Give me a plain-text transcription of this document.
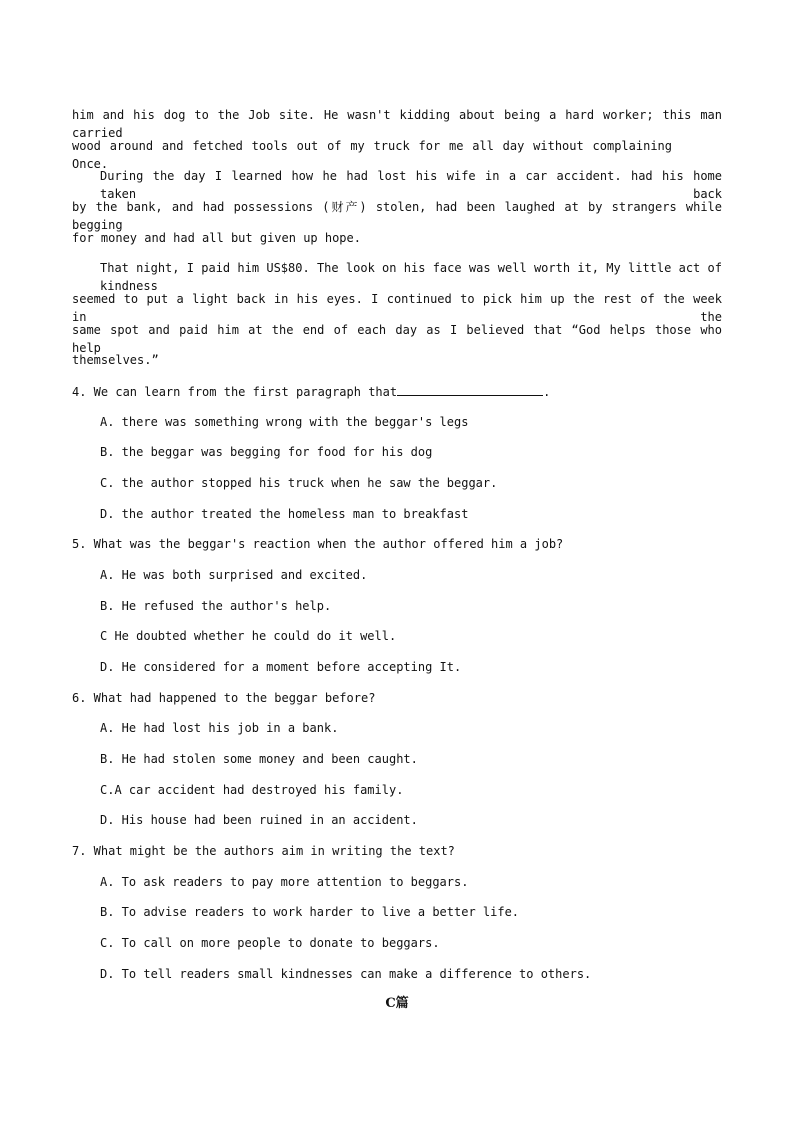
him and his dog to the Job site. He wasn't kidding about being a hard worker; this man carried
wood around and fetched tools out of my truck for me all day without complaining Once.
During the day I learned how he had lost his wife in a car accident. had his home taken back
by the bank, and had possessions (财产) stolen, had been laughed at by strangers while begging
for money and had all but given up hope.
That night, I paid him US$80. The look on his face was well worth it, My little act of kindness
seemed to put a light back in his eyes. I continued to pick him up the rest of the week in the
same spot and paid him at the end of each day as I believed that “God helps those who help
themselves.”
4. We can learn from the first paragraph that	.
A. there was something wrong with the beggar's legs
B. the beggar was begging for food for his dog
C. the author stopped his truck when he saw the beggar.
D. the author treated the homeless man to breakfast
5. What was the beggar's reaction when the author offered him a job?
A. He was both surprised and excited.
B. He refused the author's help.
C He doubted whether he could do it well.
D. He considered for a moment before accepting It.
6. What had happened to the beggar before?
A. He had lost his job in a bank.
B. He had stolen some money and been caught.
C.A car accident had destroyed his family.
D. His house had been ruined in an accident.
7. What might be the authors aim in writing the text?
A. To ask readers to pay more attention to beggars.
B. To advise readers to work harder to live a better life.
C. To call on more people to donate to beggars.
D. To tell readers small kindnesses can make a difference to others.
C篇
